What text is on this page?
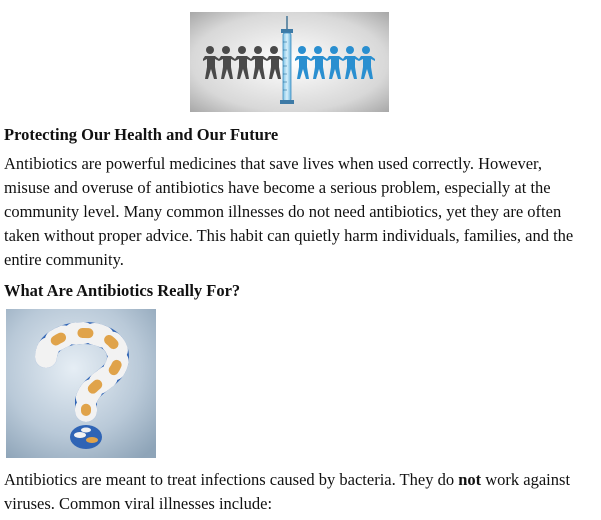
Protecting Our Health and Our Future

Antibiotics are powerful medicines that save lives when used correctly. However, misuse and overuse of antibiotics have become a serious problem, especially at the community level. Many common illnesses do not need antibiotics, yet they are often taken without proper advice. This habit can quietly harm individuals, families, and the entire community.

What Are Antibiotics Really For?

Antibiotics are meant to treat infections caused by bacteria. They do not work against viruses. Common viral illnesses include:
